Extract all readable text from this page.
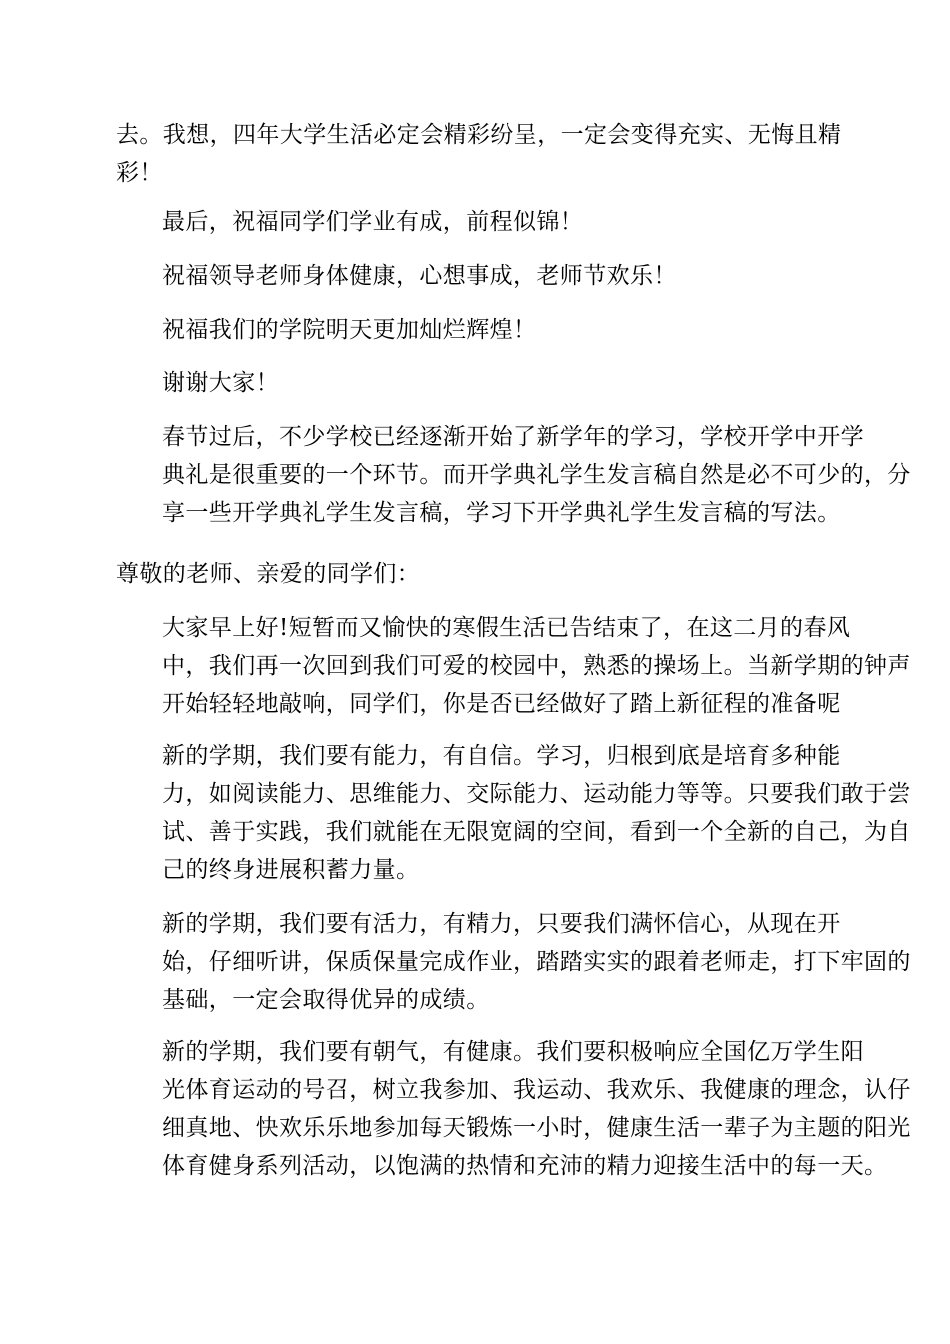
去。我想，四年大学生活必定会精彩纷呈，一定会变得充实、无悔且精
彩！
最后，祝福同学们学业有成，前程似锦！
祝福领导老师身体健康，心想事成，老师节欢乐！
祝福我们的学院明天更加灿烂辉煌！
谢谢大家！
春节过后，不少学校已经逐渐开始了新学年的学习，学校开学中开学
典礼是很重要的一个环节。而开学典礼学生发言稿自然是必不可少的，分
享一些开学典礼学生发言稿，学习下开学典礼学生发言稿的写法。
尊敬的老师、亲爱的同学们：
大家早上好!短暂而又愉快的寒假生活已告结束了，在这二月的春风
中，我们再一次回到我们可爱的校园中，熟悉的操场上。当新学期的钟声
开始轻轻地敲响，同学们，你是否已经做好了踏上新征程的准备呢
新的学期，我们要有能力，有自信。学习，归根到底是培育多种能
力，如阅读能力、思维能力、交际能力、运动能力等等。只要我们敢于尝
试、善于实践，我们就能在无限宽阔的空间，看到一个全新的自己，为自
己的终身进展积蓄力量。
新的学期，我们要有活力，有精力，只要我们满怀信心，从现在开
始，仔细听讲，保质保量完成作业，踏踏实实的跟着老师走，打下牢固的
基础，一定会取得优异的成绩。
新的学期，我们要有朝气，有健康。我们要积极响应全国亿万学生阳
光体育运动的号召，树立我参加、我运动、我欢乐、我健康的理念，认仔
细真地、快欢乐乐地参加每天锻炼一小时，健康生活一辈子为主题的阳光
体育健身系列活动，以饱满的热情和充沛的精力迎接生活中的每一天。
